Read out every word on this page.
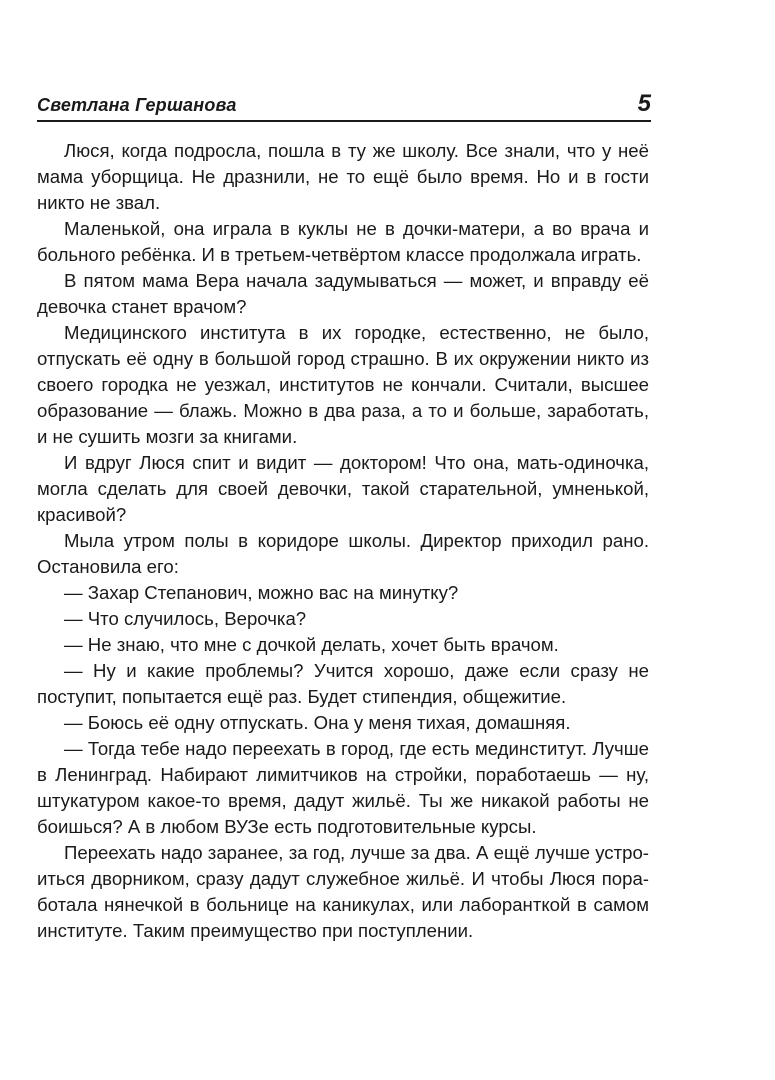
Светлана Гершанова	5

Люся, когда подросла, пошла в ту же школу. Все знали, что у неё мама уборщица. Не дразнили, не то ещё было время. Но и в гости никто не звал.

Маленькой, она играла в куклы не в дочки-матери, а во врача и больного ребёнка. И в третьем-четвёртом классе продолжала играть.

В пятом мама Вера начала задумываться — может, и вправду её девочка станет врачом?

Медицинского института в их городке, естественно, не было, отпускать её одну в большой город страшно. В их окружении никто из своего городка не уезжал, институтов не кончали. Считали, высшее образование — блажь. Можно в два раза, а то и больше, заработать, и не сушить мозги за книгами.

И вдруг Люся спит и видит — доктором! Что она, мать-одиночка, могла сделать для своей девочки, такой старательной, умненькой, красивой?

Мыла утром полы в коридоре школы. Директор приходил рано. Остановила его:

— Захар Степанович, можно вас на минутку?

— Что случилось, Верочка?

— Не знаю, что мне с дочкой делать, хочет быть врачом.

— Ну и какие проблемы? Учится хорошо, даже если сразу не поступит, попытается ещё раз. Будет стипендия, общежитие.

— Боюсь её одну отпускать. Она у меня тихая, домашняя.

— Тогда тебе надо переехать в город, где есть мединститут. Лучше в Ленинград. Набирают лимитчиков на стройки, поработаешь — ну, штукатуром какое-то время, дадут жильё. Ты же никакой работы не боишься? А в любом ВУЗе есть подготовительные курсы.

Переехать надо заранее, за год, лучше за два. А ещё лучше устроиться дворником, сразу дадут служебное жильё. И чтобы Люся поработала нянечкой в больнице на каникулах, или лаборанткой в самом институте. Таким преимущество при поступлении.
